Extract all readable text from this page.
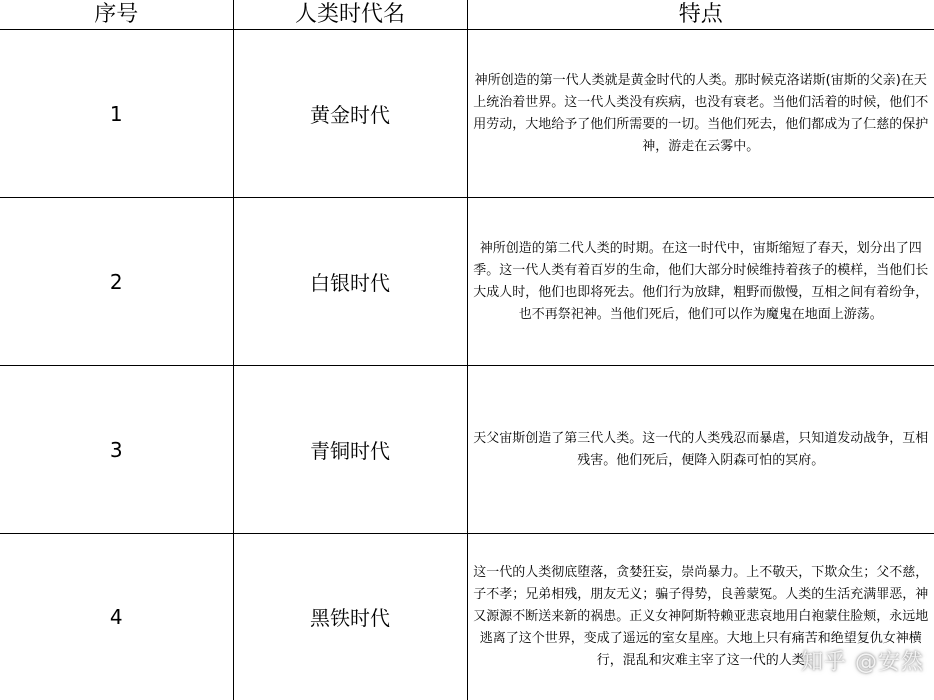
序号	人类时代名	特点
1	黄金时代	神所创造的第一代人类就是黄金时代的人类。那时候克洛诺斯(宙斯的父亲)在天上统治着世界。这一代人类没有疾病，也没有衰老。当他们活着的时候，他们不用劳动，大地给予了他们所需要的一切。当他们死去，他们都成为了仁慈的保护神，游走在云雾中。
2	白银时代	神所创造的第二代人类的时期。在这一时代中，宙斯缩短了春天，划分出了四季。这一代人类有着百岁的生命，他们大部分时候维持着孩子的模样，当他们长大成人时，他们也即将死去。他们行为放肆，粗野而傲慢，互相之间有着纷争，也不再祭祀神。当他们死后，他们可以作为魔鬼在地面上游荡。
3	青铜时代	天父宙斯创造了第三代人类。这一代的人类残忍而暴虐，只知道发动战争，互相残害。他们死后，便降入阴森可怕的冥府。
4	黑铁时代	这一代的人类彻底堕落，贪婪狂妄，崇尚暴力。上不敬天，下欺众生；父不慈，子不孝；兄弟相残，朋友无义；骗子得势，良善蒙冤。人类的生活充满罪恶，神又源源不断送来新的祸患。正义女神阿斯特赖亚悲哀地用白袍蒙住脸颊，永远地逃离了这个世界，变成了遥远的室女星座。大地上只有痛苦和绝望复仇女神横行，混乱和灾难主宰了这一代的人类
知乎 @安然
